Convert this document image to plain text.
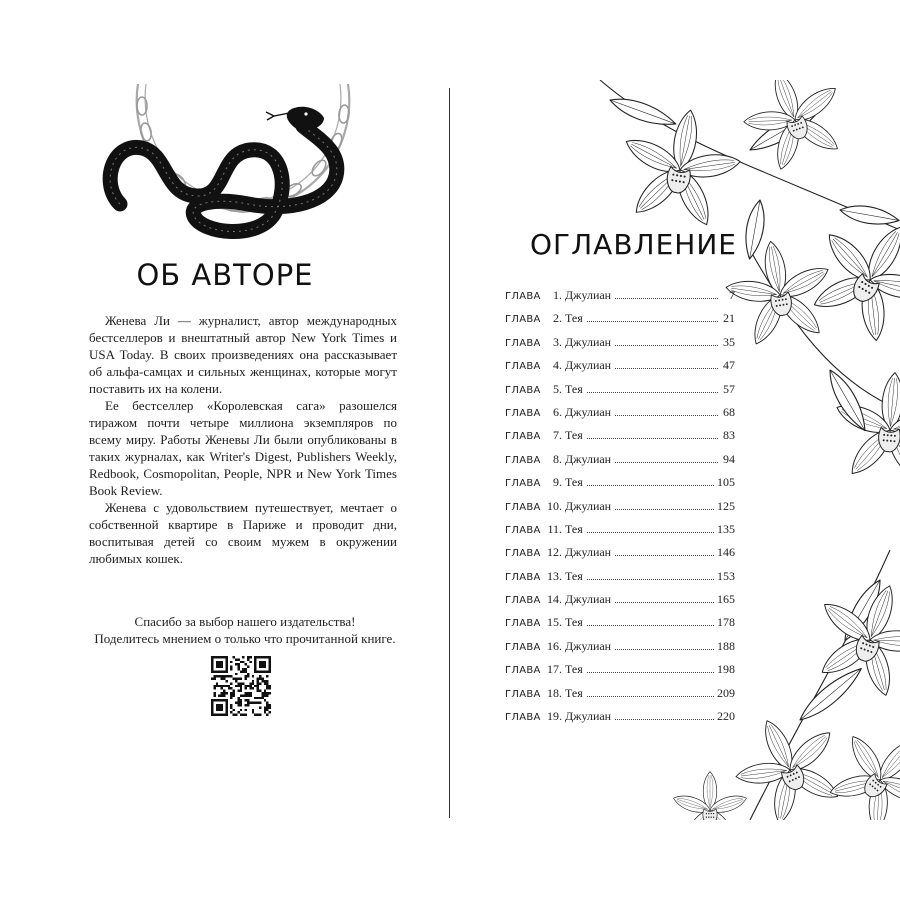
ОБ АВТОРЕ

Женева Ли — журналист, автор международных бестселлеров и внештатный автор New York Times и USA Today. В своих произведениях она рассказывает об альфа-самцах и сильных женщинах, которые могут поставить их на колени.

Ее бестселлер «Королевская сага» разошелся тиражом почти четыре миллиона экземпляров по всему миру. Работы Женевы Ли были опубликованы в таких журналах, как Writer's Digest, Publishers Weekly, Redbook, Cosmopolitan, People, NPR и New York Times Book Review.

Женева с удовольствием путешествует, мечтает о собственной квартире в Париже и проводит дни, воспитывая детей со своим мужем в окружении любимых кошек.

Спасибо за выбор нашего издательства!
Поделитесь мнением о только что прочитанной книге.
ОГЛАВЛЕНИЕ
ГЛАВА	1. Джулиан	7
ГЛАВА	2. Тея	21
ГЛАВА	3. Джулиан	35
ГЛАВА	4. Джулиан	47
ГЛАВА	5. Тея	57
ГЛАВА	6. Джулиан	68
ГЛАВА	7. Тея	83
ГЛАВА	8. Джулиан	94
ГЛАВА	9. Тея	105
ГЛАВА 10. Джулиан	125
ГЛАВА 11. Тея	135
ГЛАВА 12. Джулиан	146
ГЛАВА 13. Тея	153
ГЛАВА 14. Джулиан	165
ГЛАВА 15. Тея	178
ГЛАВА 16. Джулиан	188
ГЛАВА 17. Тея	198
ГЛАВА 18. Тея	209
ГЛАВА 19. Джулиан	220
